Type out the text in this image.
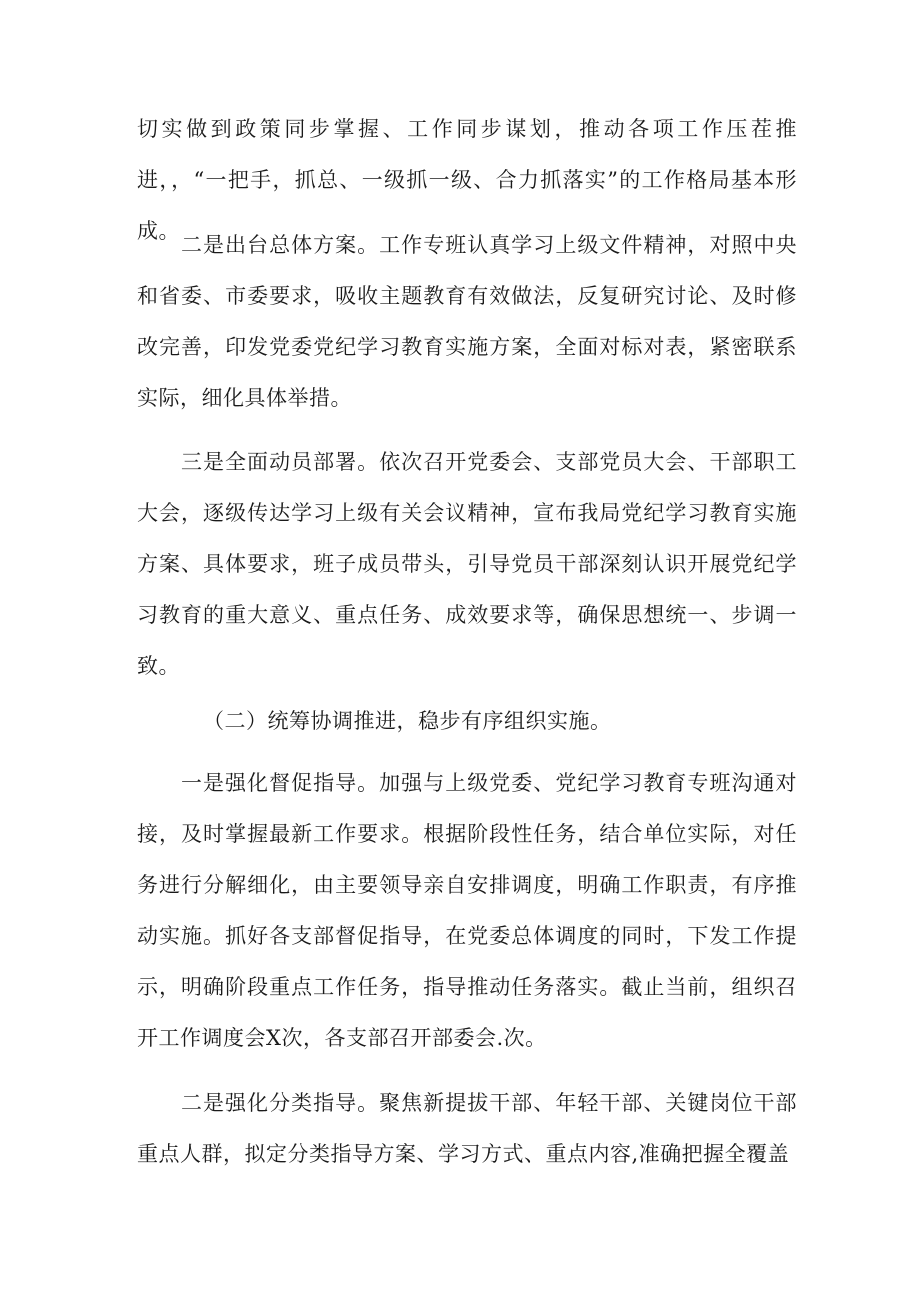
切实做到政策同步掌握、工作同步谋划，推动各项工作压茬推进，，“一把手，抓总、一级抓一级、合力抓落实”的工作格局基本形成。

二是出台总体方案。工作专班认真学习上级文件精神，对照中央和省委、市委要求，吸收主题教育有效做法，反复研究讨论、及时修改完善，印发党委党纪学习教育实施方案，全面对标对表，紧密联系实际，细化具体举措。

三是全面动员部署。依次召开党委会、支部党员大会、干部职工大会，逐级传达学习上级有关会议精神，宣布我局党纪学习教育实施方案、具体要求，班子成员带头，引导党员干部深刻认识开展党纪学习教育的重大意义、重点任务、成效要求等，确保思想统一、步调一致。

（二）统筹协调推进，稳步有序组织实施。

一是强化督促指导。加强与上级党委、党纪学习教育专班沟通对接，及时掌握最新工作要求。根据阶段性任务，结合单位实际，对任务进行分解细化，由主要领导亲自安排调度，明确工作职责，有序推动实施。抓好各支部督促指导，在党委总体调度的同时，下发工作提示，明确阶段重点工作任务，指导推动任务落实。截止当前，组织召开工作调度会X次，各支部召开部委会.次。

二是强化分类指导。聚焦新提拔干部、年轻干部、关键岗位干部重点人群，拟定分类指导方案、学习方式、重点内容,准确把握全覆盖
